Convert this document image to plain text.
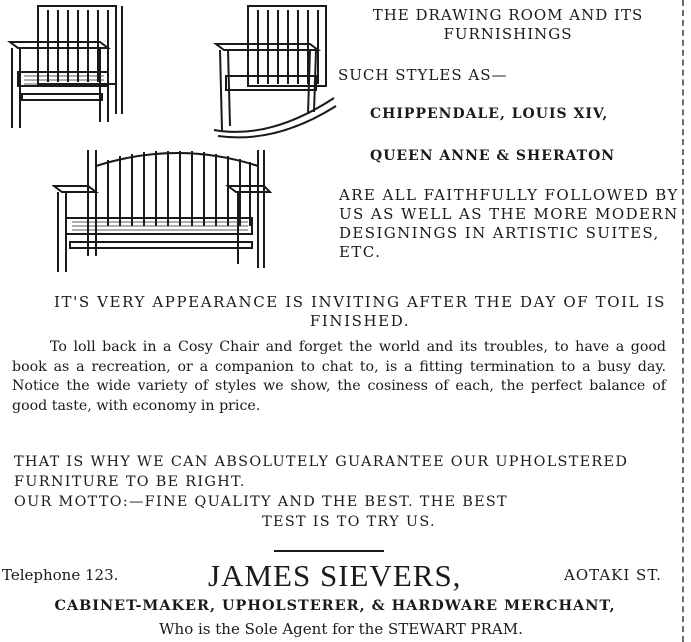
THE DRAWING ROOM AND ITS FURNISHINGS
SUCH STYLES AS—
CHIPPENDALE, LOUIS XIV,
QUEEN ANNE & SHERATON
ARE ALL FAITHFULLY FOLLOWED BY US AS WELL AS THE MORE MODERN DESIGNINGS IN ARTISTIC SUITES, ETC.
IT'S VERY APPEARANCE IS INVITING AFTER THE DAY OF TOIL IS FINISHED.
To loll back in a Cosy Chair and forget the world and its troubles, to have a good book as a recreation, or a companion to chat to, is a fitting termination to a busy day. Notice the wide variety of styles we show, the cosiness of each, the perfect balance of good taste, with economy in price.
THAT IS WHY WE CAN ABSOLUTELY GUARANTEE OUR UPHOLSTERED FURNITURE TO BE RIGHT.
OUR MOTTO:—FINE QUALITY AND THE BEST. THE BEST
TEST IS TO TRY US.
Telephone 123.	JAMES SIEVERS,	AOTAKI ST.
CABINET-MAKER, UPHOLSTERER, & HARDWARE MERCHANT,
Who is the Sole Agent for the STEWART PRAM.
